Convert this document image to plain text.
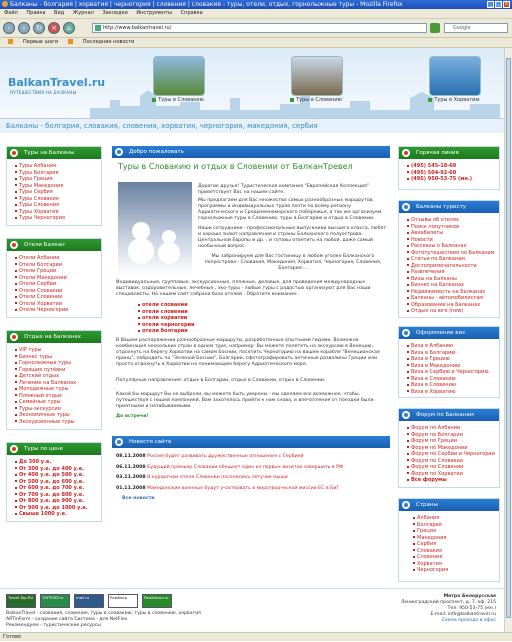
Балканы - болгария | хорватия | черногория | словения | словакия - туры, отели, отдых, горнолыжные туры - Mozilla Firefox	_ □ ×
Файл Правка Вид Журнал Закладки Инструменты Справка
‹	›	↻	×	⌂	http://www.balkantravel.ru/	Google
Первые шаги	Последние новости
BalkanTravel.ru
ПУТЕШЕСТВИЯ НА БАЛКАНЫ
Туры в Словакию	Туры в Словению	Туры в Хорватию
Балканы - болгария, словакия, словения, хорватия, черногория, македония, сербия
Туры на Балканы
Туры Албания
Туры Болгария
Туры Греция
Туры Македония
Туры Сербия
Туры Словакия
Туры Словения
Туры Хорватия
Туры Черногория
Отели Балкан
Отели Албании
Отели Болгарии
Отели Греции
Отели Македонии
Отели Сербии
Отели Словакии
Отели Словении
Отели Хорватии
Отели Черногории
Отдых на Балканах
VIP туры
Бизнес туры
Горнолыжные туры
Горящие путёвки
Детский отдых
Лечение на Балканах
Молодежные туры
Пляжный отдых
Семейные туры
Туры-экскурсии
Экономичные туры
Экскурсионные туры
Туры по цене
До 300 у.е.
От 300 у.е. до 400 у.е.
От 400 у.е. до 500 у.е.
От 500 у.е. до 600 у.е.
От 600 у.е. до 700 у.е.
От 700 у.е. до 800 у.е.
От 800 у.е. до 900 у.е.
От 900 у.е. до 1000 у.е.
Свыше 1000 у.е.
Добро пожаловать
Туры в Словакию и отдых в Словении от БалканТревел
Дорогие друзья! Туристическая компания "Европейская Коллекция" приветствует Вас на нашем сайте.
Мы предлагаем для Вас множество самых разнообразных маршрутов, программы и индивидуальных туров почти по всему региону Адриатического и Средиземноморского побережья, а так же организуем горнолыжные туры в Словению, туры в Болгарию и отдых в Словакии.
Наши сотрудники - профессиональные выпускники высшего класса, любят и хорошо знают направления и страны Балканского полуострова. Центральной Европы и др. , и готовы ответить на любой, даже самый необычный вопрос.
Мы забронируем для Вас гостиницу в любом уголке Балканского полуострова - Словакия, Македония, Хорватия, Черногория, Словения, Болгария ...
Индивидуальные, групповые, экскурсионные, пляжные, деловые, для проведения международных выставок, оздоровительные, лечебные , эко-туры - любые туры с радостью организуют для Вас наши специалисты. На нашем сайт собрана база отелей . Обратите внимание:
отели словакии
отели словении
отели хорватии
отели черногории
отели болгарии
В Вашем распоряжении разнообразные маршруты, разработанные опытными гидами. Возможна комбинация нескольких стран в одном туре, например: Вы можете полететь на экскурсию в Венецию, отдохнуть на берегу Хорватии на самом Боснии, посетить Черногорию на вашем корабле "Венецианская принц", побродить по "Зеленой Боснии", Болгарии, сфотографировать античные развалины Греции или просто отдохнуть в Хорватии на понимающем берегу Адриатического моря.
Популярные направления: отдых в Болгарии, отдых в Словакии, отдых в Словении.
Какой бы маршрут Вы не выбрали, вы можете быть уверены - мы сделаем все возможное, чтобы, путешествуя с нашей компанией, Вам захотелось прийти к нам снова, и впечатления от поездки были приятными и незабываемыми.
До встречи!
Новости сайта
08.11.2008 Россия будет развивать дружественные отношения с Сербией
06.11.2008 Будущий премьер Словакии обещает один из первых визитов совершить в РФ
03.11.2008 В курортном отеле Словении поселились летучие мыши
01.11.2008 Македонские военные будут участвовать в миротворческой миссии ЕС в БиГ
Все новости
Горячая линия
(495) 545-18-68
(495) 504-92-60
(495) 950-53-75 (мн.)
Балканы туристу
Отзывы об отелях
Поиск попутчиков
Авиабилеты
Новости
Рассказы о Балканах
Фотопутешествия по Балканам
Статьи по Балканам
Достопримечательности
Развлечения
Визы на Балканы
Бизнес на Балканах
Недвижимость на Балканах
Балканы - автомобилистам
Образование на Балканах
Отдых на юге (new)
Оформление виз
Виза в Албанию
Виза в Болгарию
Виза в Грецию
Виза в Македонию
Виза в Сербию и Черногорию
Виза в Словакию
Виза в Словению
Виза в Хорватию
Форум по Балканам
Форум по Албании
Форум по Болгарии
Форум по Греции
Форум по Македонии
Форум по Сербии и Черногории
Форум по Словакии
Форум по Словении
Форум по Хорватии
Все форумы
Страны
Албания
Болгария
Греция
Македония
Сербия
Словакия
Словения
Хорватия
Черногория
Travel-Top.RU	TOPSTAT.ru	mail.ru	Рамблер	Poisktorov.ru
BalkanTravel - словакия, словения, туры в словакию, туры в словению, хорватия
ARTinForm - создание сайта Система - для NetFlex
Рекомендуем - туристические ресурсы
Метро Белорусская
Ленинградский проспект, д. 7, оф. 215
Тел: 950-53-75 (мн.)
E-mail: info@balkantravel.ru
Схема проезда в офис
Готово
